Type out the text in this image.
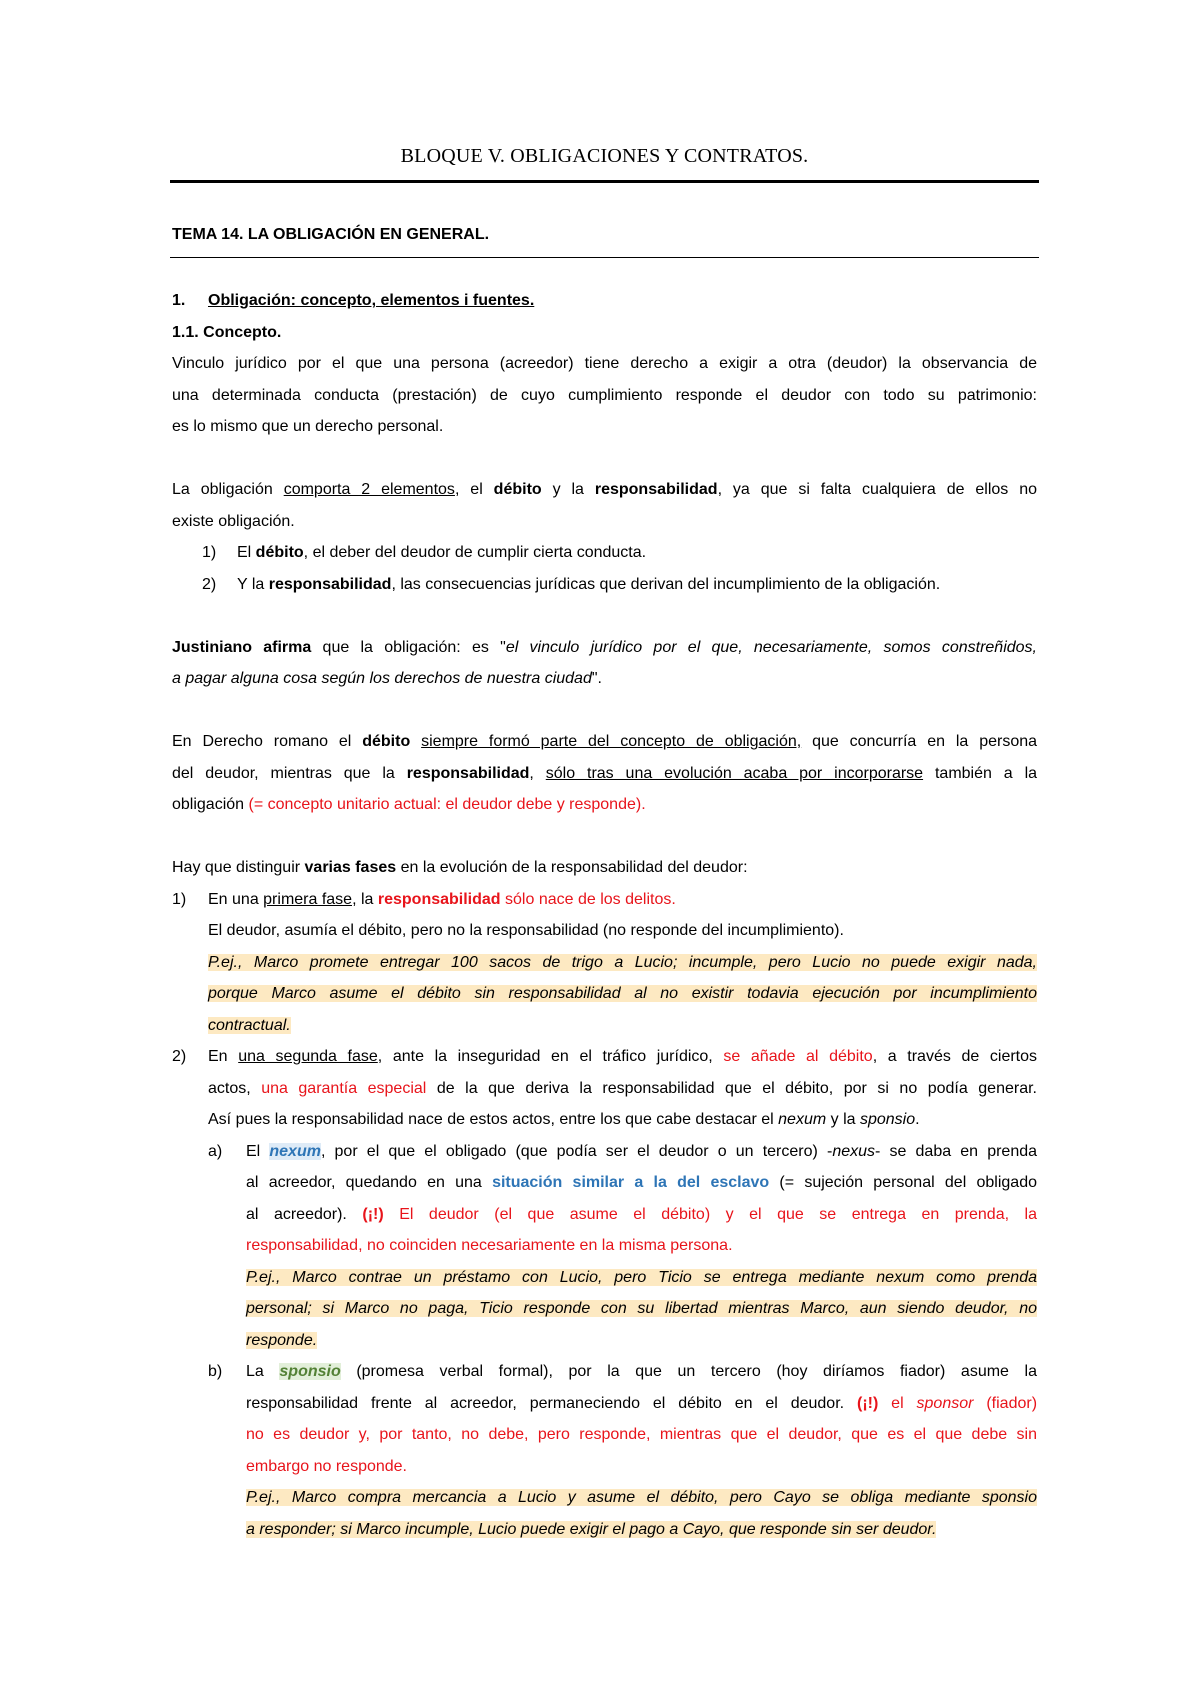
BLOQUE V. OBLIGACIONES Y CONTRATOS.
TEMA 14. LA OBLIGACIÓN EN GENERAL.
1. Obligación: concepto, elementos i fuentes.
1.1. Concepto.
Vinculo jurídico por el que una persona (acreedor) tiene derecho a exigir a otra (deudor) la observancia de
una determinada conducta (prestación) de cuyo cumplimiento responde el deudor con todo su patrimonio:
es lo mismo que un derecho personal.
La obligación comporta 2 elementos, el débito y la responsabilidad, ya que si falta cualquiera de ellos no
existe obligación.
1) El débito, el deber del deudor de cumplir cierta conducta.
2) Y la responsabilidad, las consecuencias jurídicas que derivan del incumplimiento de la obligación.
Justiniano afirma que la obligación: es "el vinculo jurídico por el que, necesariamente, somos constreñidos,
a pagar alguna cosa según los derechos de nuestra ciudad".
En Derecho romano el débito siempre formó parte del concepto de obligación, que concurría en la persona
del deudor, mientras que la responsabilidad, sólo tras una evolución acaba por incorporarse también a la
obligación (= concepto unitario actual: el deudor debe y responde).
Hay que distinguir varias fases en la evolución de la responsabilidad del deudor:
1) En una primera fase, la responsabilidad sólo nace de los delitos.
El deudor, asumía el débito, pero no la responsabilidad (no responde del incumplimiento).
P.ej., Marco promete entregar 100 sacos de trigo a Lucio; incumple, pero Lucio no puede exigir nada,
porque Marco asume el débito sin responsabilidad al no existir todavia ejecución por incumplimiento
contractual.
2) En una segunda fase, ante la inseguridad en el tráfico jurídico, se añade al débito, a través de ciertos
actos, una garantía especial de la que deriva la responsabilidad que el débito, por si no podía generar.
Así pues la responsabilidad nace de estos actos, entre los que cabe destacar el nexum y la sponsio.
a) El nexum, por el que el obligado (que podía ser el deudor o un tercero) -nexus- se daba en prenda
al acreedor, quedando en una situación similar a la del esclavo (= sujeción personal del obligado
al acreedor). (¡!) El deudor (el que asume el débito) y el que se entrega en prenda, la
responsabilidad, no coinciden necesariamente en la misma persona.
P.ej., Marco contrae un préstamo con Lucio, pero Ticio se entrega mediante nexum como prenda
personal; si Marco no paga, Ticio responde con su libertad mientras Marco, aun siendo deudor, no
responde.
b) La sponsio (promesa verbal formal), por la que un tercero (hoy diríamos fiador) asume la
responsabilidad frente al acreedor, permaneciendo el débito en el deudor. (¡!) el sponsor (fiador)
no es deudor y, por tanto, no debe, pero responde, mientras que el deudor, que es el que debe sin
embargo no responde.
P.ej., Marco compra mercancia a Lucio y asume el débito, pero Cayo se obliga mediante sponsio
a responder; si Marco incumple, Lucio puede exigir el pago a Cayo, que responde sin ser deudor.
